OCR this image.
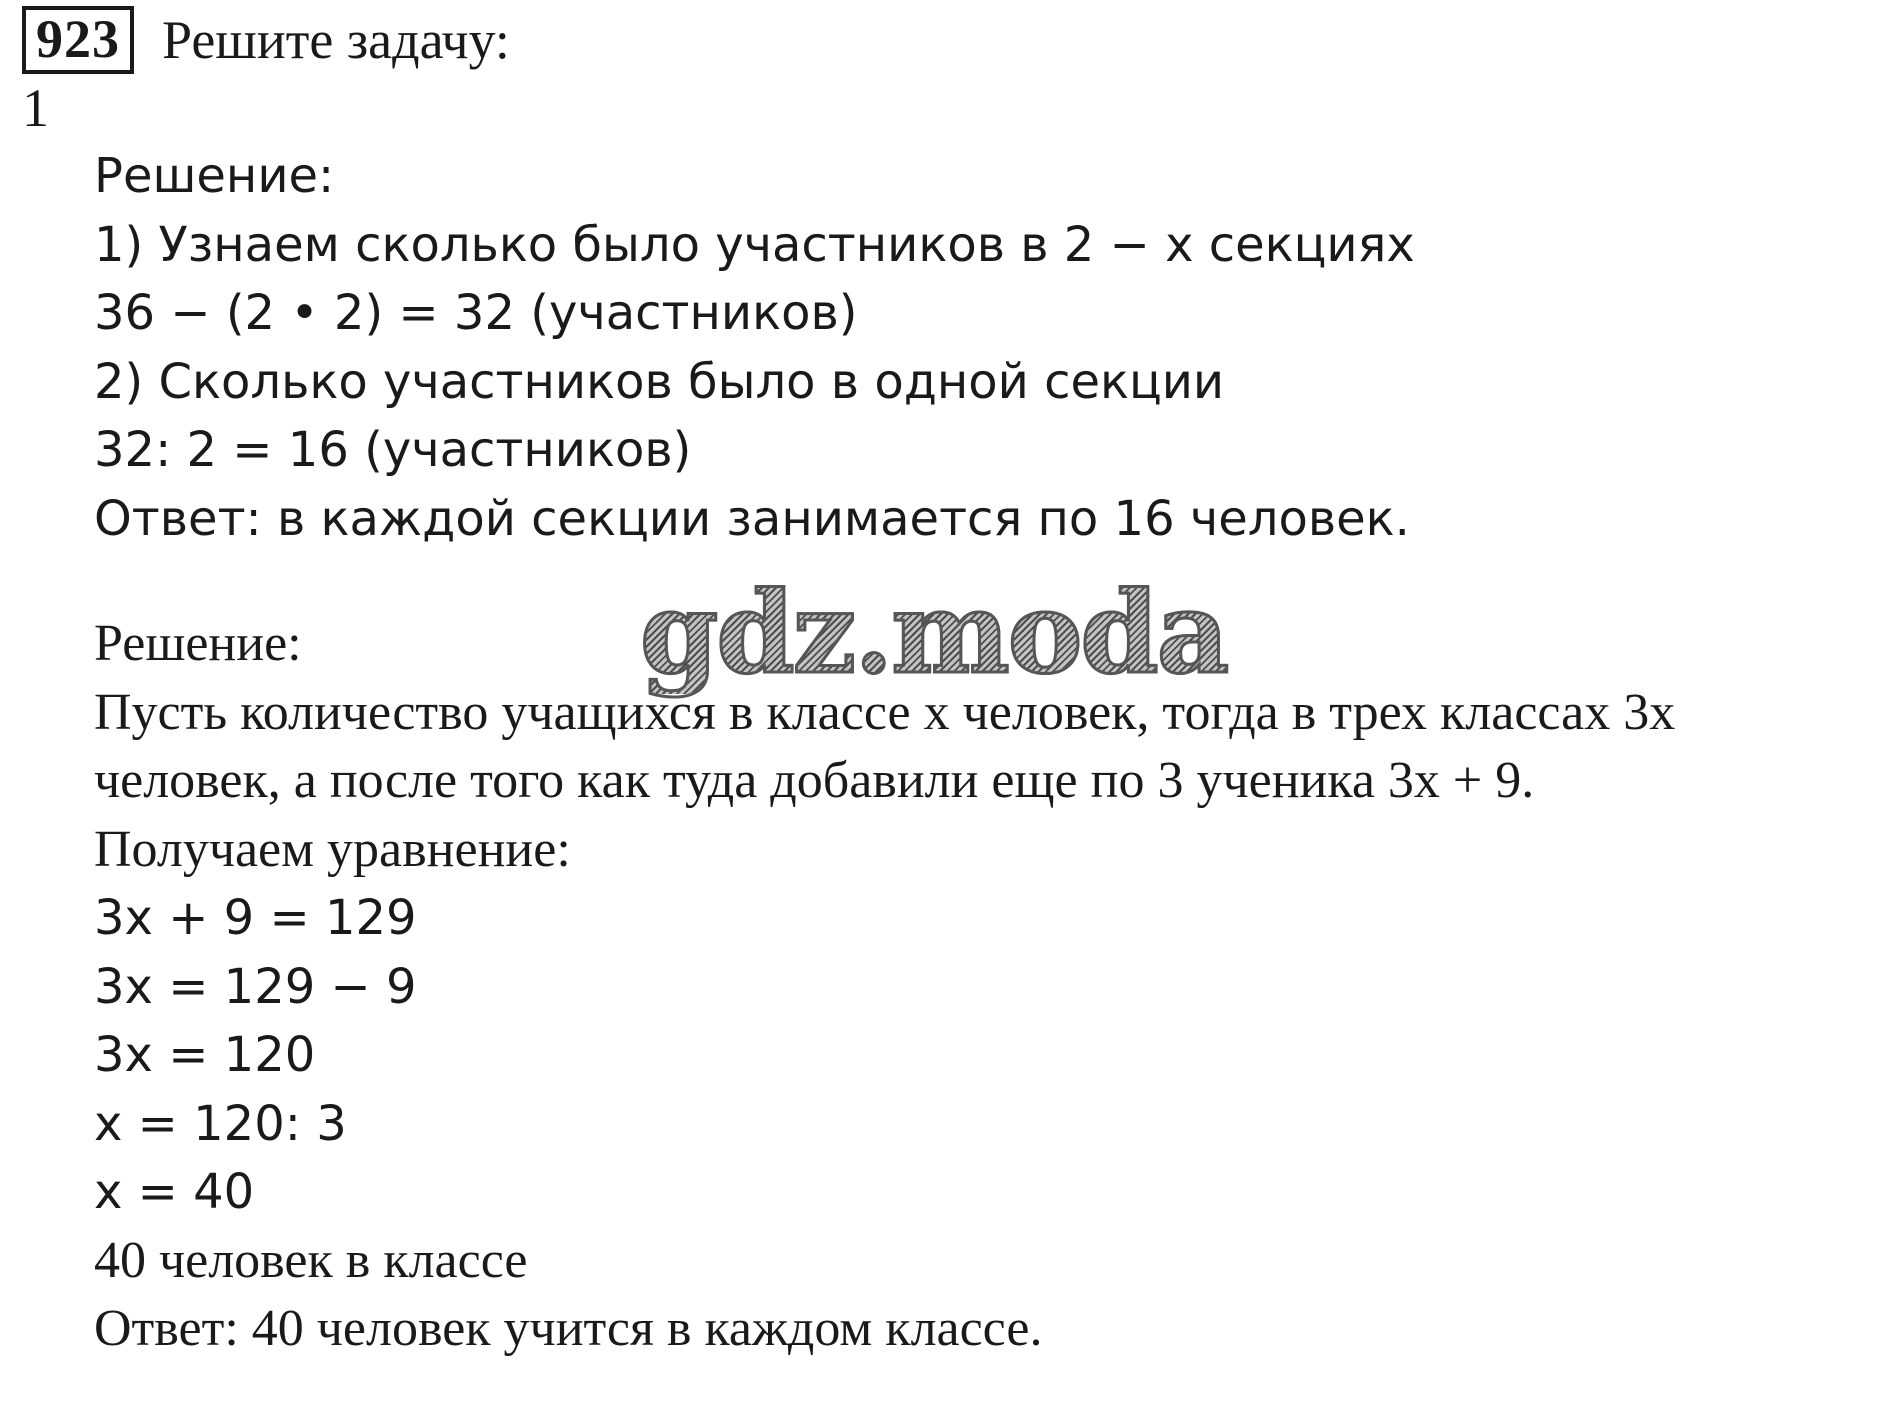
923 Решите задачу:
1
Решение:
1) Узнаем сколько было участников в 2 − х секциях
36 − (2 • 2) = 32 (участников)
2) Сколько участников было в одной секции
32: 2 = 16 (участников)
Ответ: в каждой секции занимается по 16 человек.
gdz.moda
Решение:
Пусть количество учащихся в классе х человек, тогда в трех классах 3х
человек, а после того как туда добавили еще по 3 ученика 3х + 9.
Получаем уравнение:
3x + 9 = 129
3x = 129 − 9
3x = 120
x = 120: 3
x = 40
40 человек в классе
Ответ: 40 человек учится в каждом классе.
